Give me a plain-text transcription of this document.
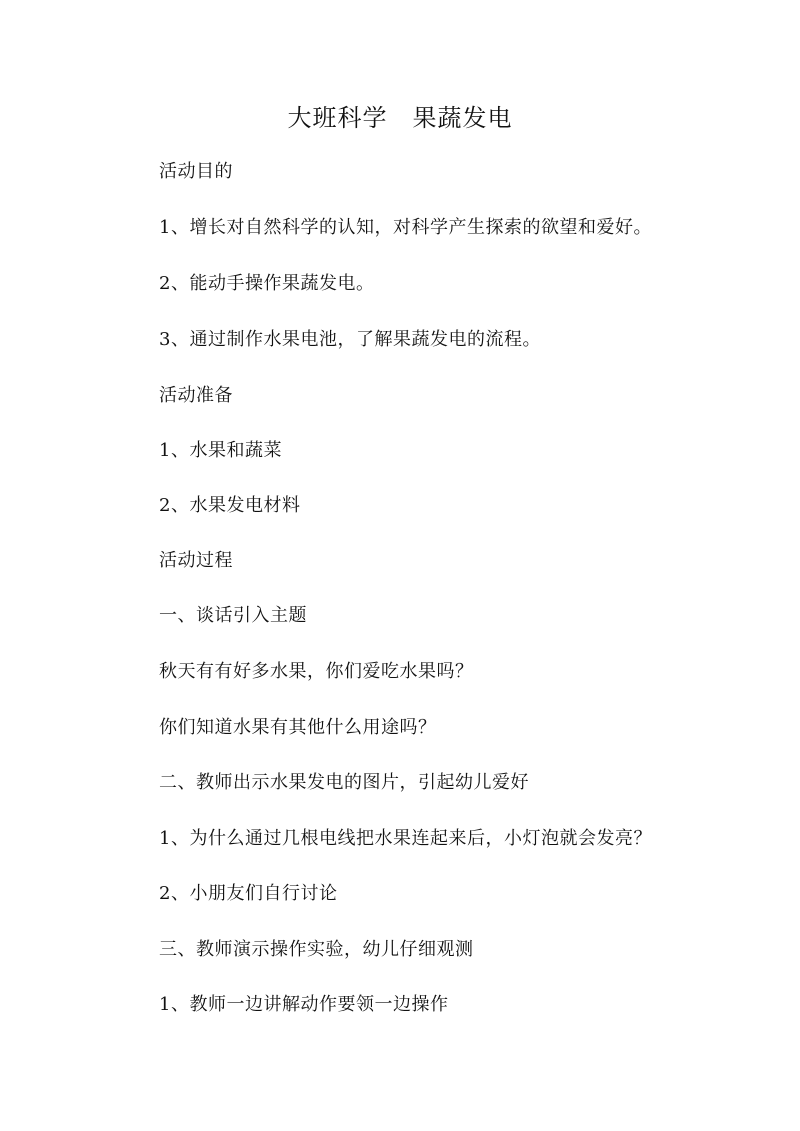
大班科学　果蔬发电
活动目的
1、增长对自然科学的认知，对科学产生探索的欲望和爱好。
2、能动手操作果蔬发电。
3、通过制作水果电池，了解果蔬发电的流程。
活动准备
1、水果和蔬菜
2、水果发电材料
活动过程
一、谈话引入主题
秋天有有好多水果，你们爱吃水果吗？
你们知道水果有其他什么用途吗？
二、教师出示水果发电的图片，引起幼儿爱好
1、为什么通过几根电线把水果连起来后，小灯泡就会发亮？
2、小朋友们自行讨论
三、教师演示操作实验，幼儿仔细观测
1、教师一边讲解动作要领一边操作
